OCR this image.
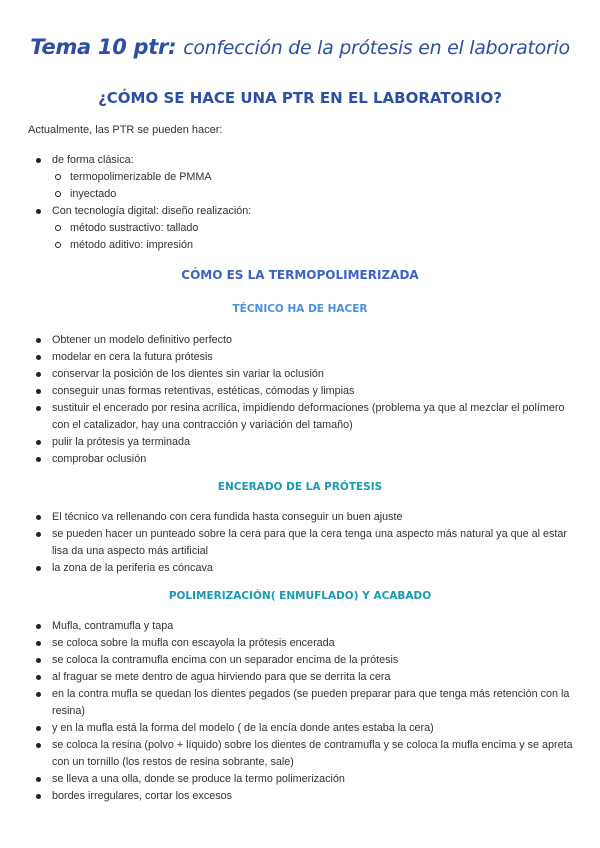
Tema 10 ptr: confección de la prótesis en el laboratorio
¿CÓMO SE HACE UNA PTR EN EL LABORATORIO?
Actualmente, las PTR se pueden hacer:
de forma clásica:
termopolimerizable de PMMA
inyectado
Con tecnología digital: diseño realización:
método sustractivo: tallado
método aditivo: impresión
CÓMO ES LA TERMOPOLIMERIZADA
TÉCNICO HA DE HACER
Obtener un modelo definitivo perfecto
modelar en cera la futura prótesis
conservar la posición de los dientes sin variar la oclusión
conseguir unas formas retentivas, estéticas, cómodas y limpias
sustituir el encerado por resina acrílica, impidiendo deformaciones (problema ya que al mezclar el polímero con el catalizador, hay una contracción y variación del tamaño)
pulir la prótesis ya terminada
comprobar oclusión
ENCERADO DE LA PRÓTESIS
El técnico va rellenando con cera fundida hasta conseguir un buen ajuste
se pueden hacer un punteado sobre la cera para que la cera tenga una aspecto más natural ya que al estar lisa da una aspecto más artificial
la zona de la periferia es cóncava
POLIMERIZACIÓN( ENMUFLADO) Y ACABADO
Mufla, contramufla y tapa
se coloca sobre la mufla con escayola la prótesis encerada
se coloca la contramufla encima con un separador encima de la prótesis
al fraguar se mete dentro de agua hirviendo para que se derrita la cera
en la contra mufla se quedan los dientes pegados (se pueden preparar para que tenga más retención con la resina)
y en la mufla está la forma del modelo ( de la encía donde antes estaba la cera)
se coloca la resina (polvo + líquido) sobre los dientes de contramufla y se coloca la mufla encima y se apreta con un tornillo (los restos de resina sobrante, sale)
se lleva a una olla, donde se produce la termo polimerización
bordes irregulares, cortar los excesos
